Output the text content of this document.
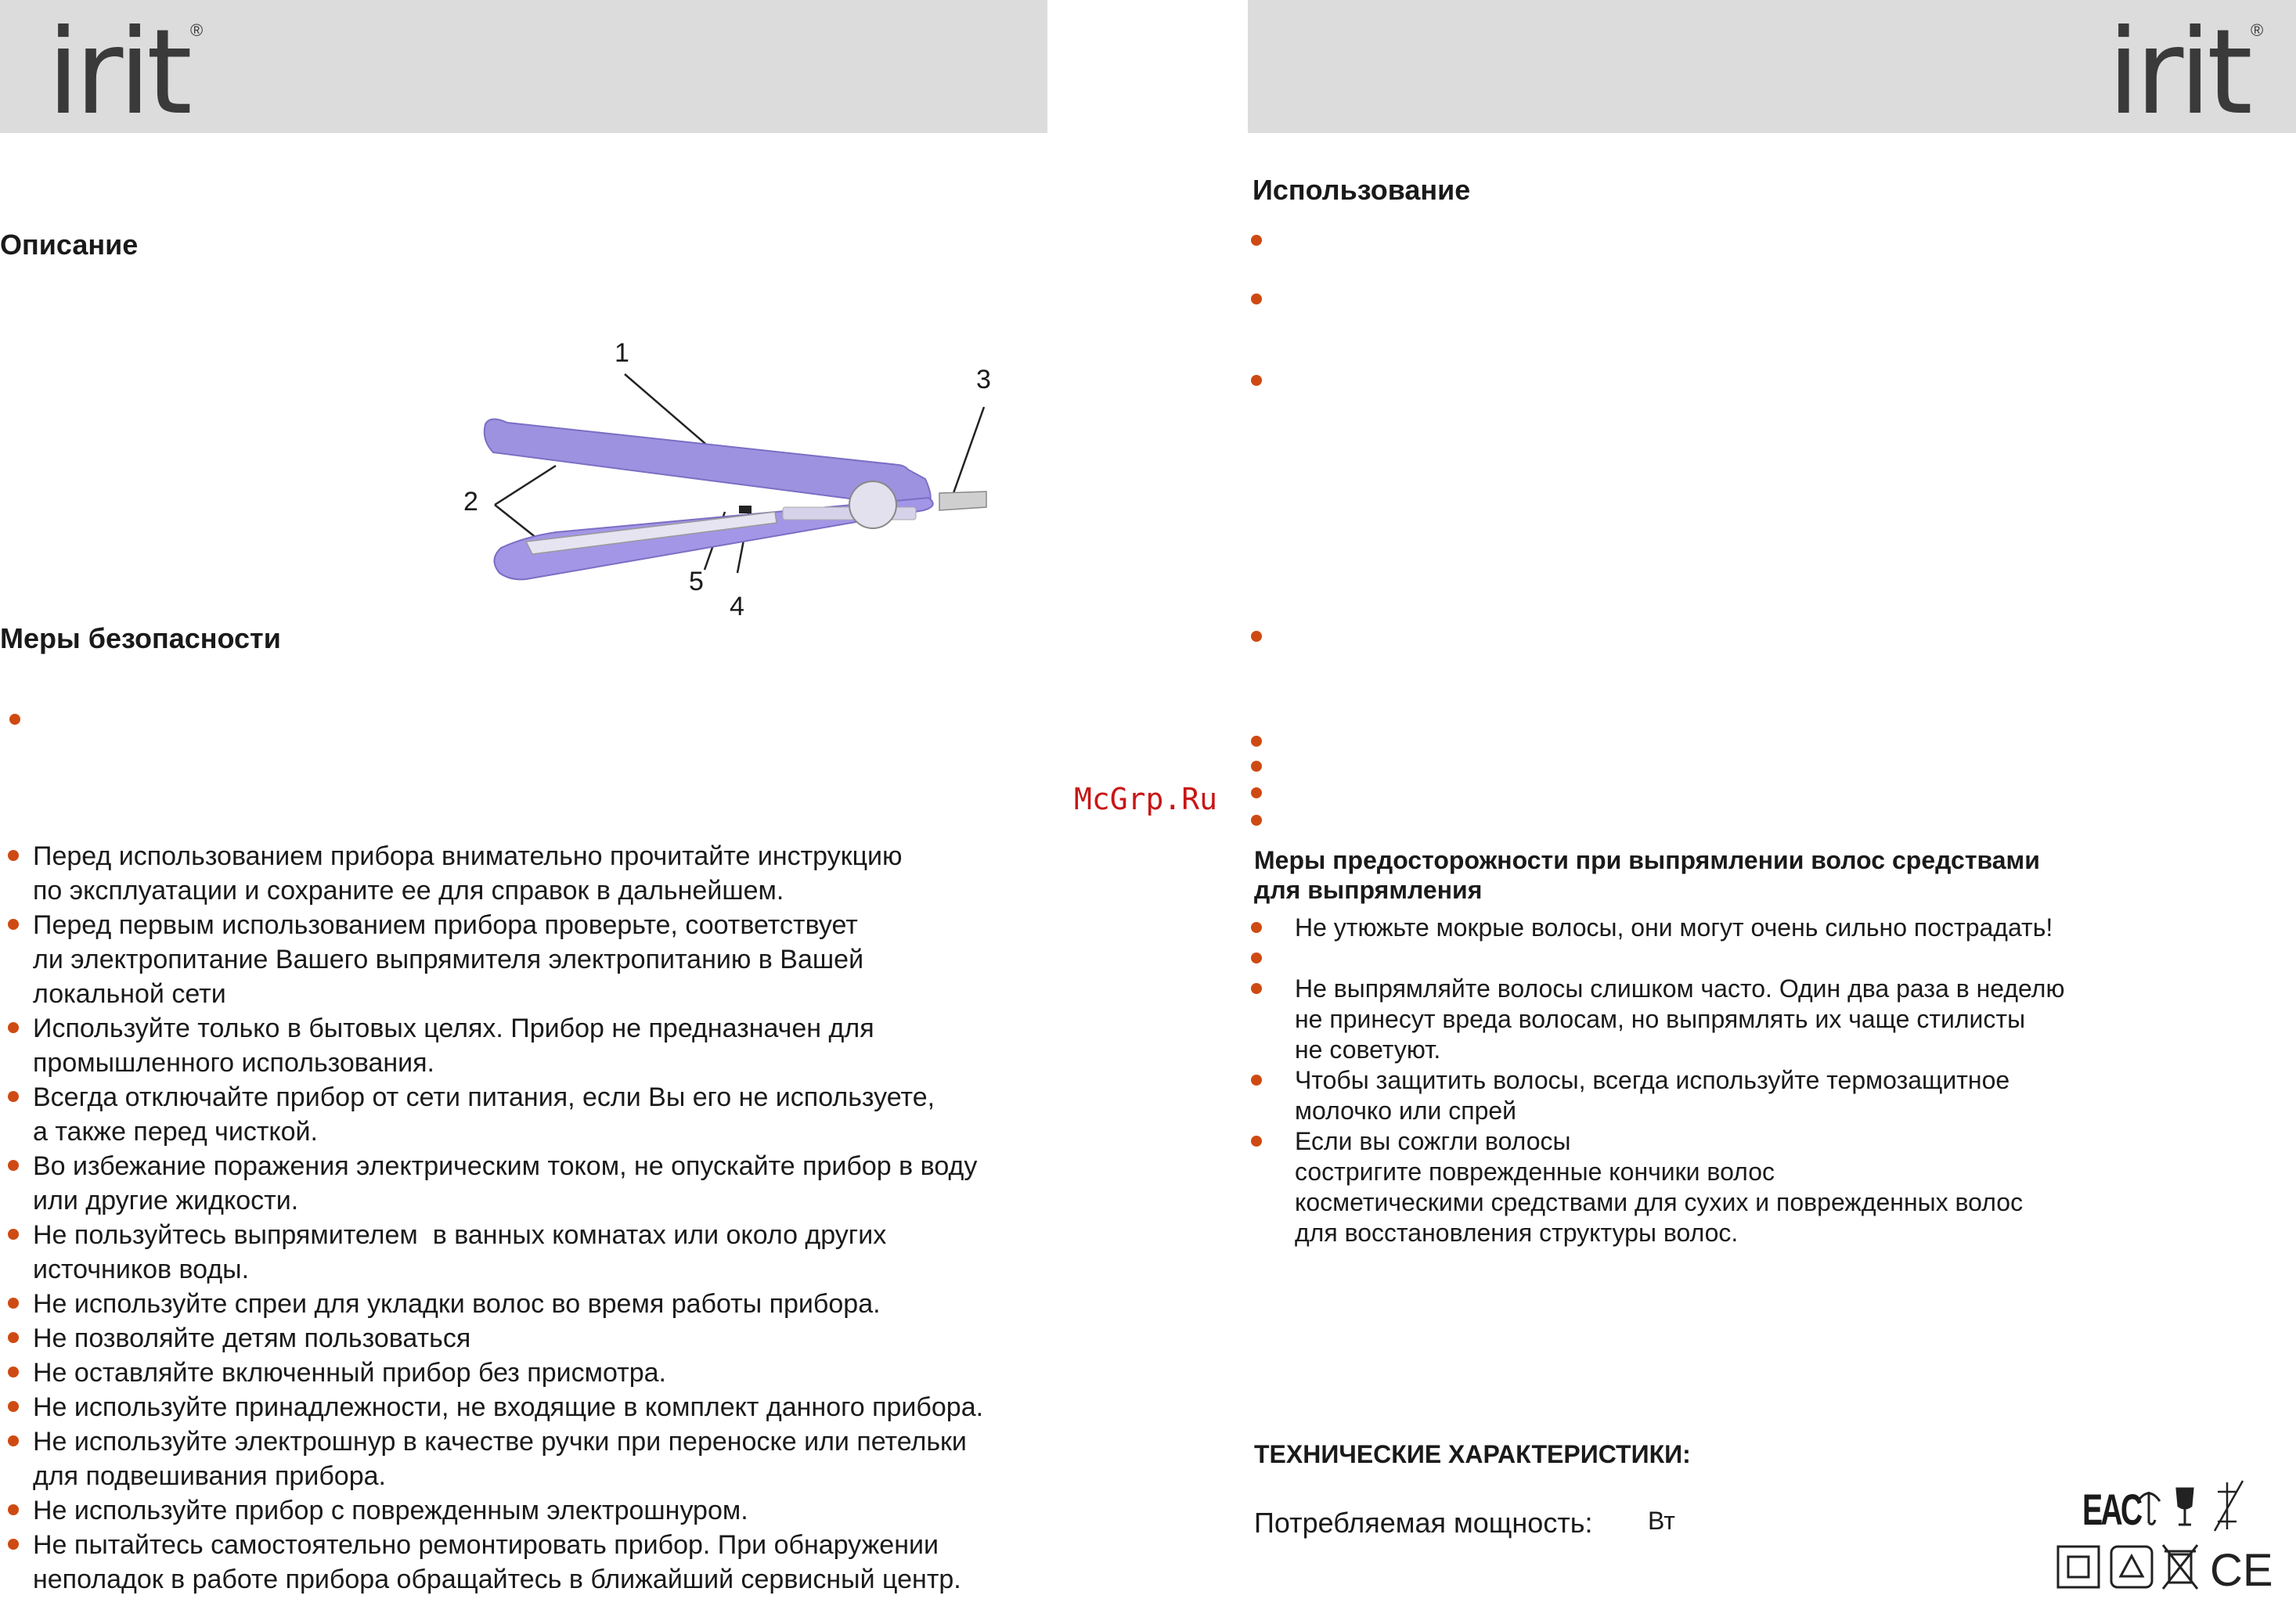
irit ®	irit ®
Описание
1
2
3
4
5
Меры безопасности
Перед использованием прибора внимательно прочитайте инструкцию
по эксплуатации и сохраните ее для справок в дальнейшем.
Перед первым использованием прибора проверьте, соответствует
ли электропитание Вашего выпрямителя электропитанию в Вашей
локальной сети
Используйте только в бытовых целях. Прибор не предназначен для
промышленного использования.
Всегда отключайте прибор от сети питания, если Вы его не используете,
а также перед чисткой.
Во избежание поражения электрическим током, не опускайте прибор в воду
или другие жидкости.
Не пользуйтесь выпрямителем  в ванных комнатах или около других
источников воды.
Не используйте спреи для укладки волос во время работы прибора.
Не позволяйте детям пользоваться
Не оставляйте включенный прибор без присмотра.
Не используйте принадлежности, не входящие в комплект данного прибора.
Не используйте электрошнур в качестве ручки при переноске или петельки
для подвешивания прибора.
Не используйте прибор с поврежденным электрошнуром.
Не пытайтесь самостоятельно ремонтировать прибор. При обнаружении
неполадок в работе прибора обращайтесь в ближайший сервисный центр.
McGrp.Ru
Использование
Меры предосторожности при выпрямлении волос средствами
для выпрямления
Не утюжьте мокрые волосы, они могут очень сильно пострадать!
Не выпрямляйте волосы слишком часто. Один два раза в неделю
не принесут вреда волосам, но выпрямлять их чаще стилисты
не советуют.
Чтобы защитить волосы, всегда используйте термозащитное
молочко или спрей
Если вы сожгли волосы
состригите поврежденные кончики волос
косметическими средствами для сухих и поврежденных волос
для восстановления структуры волос.
ТЕХНИЧЕСКИЕ ХАРАКТЕРИСТИКИ:
Потребляемая мощность: Вт	EAC
CE
